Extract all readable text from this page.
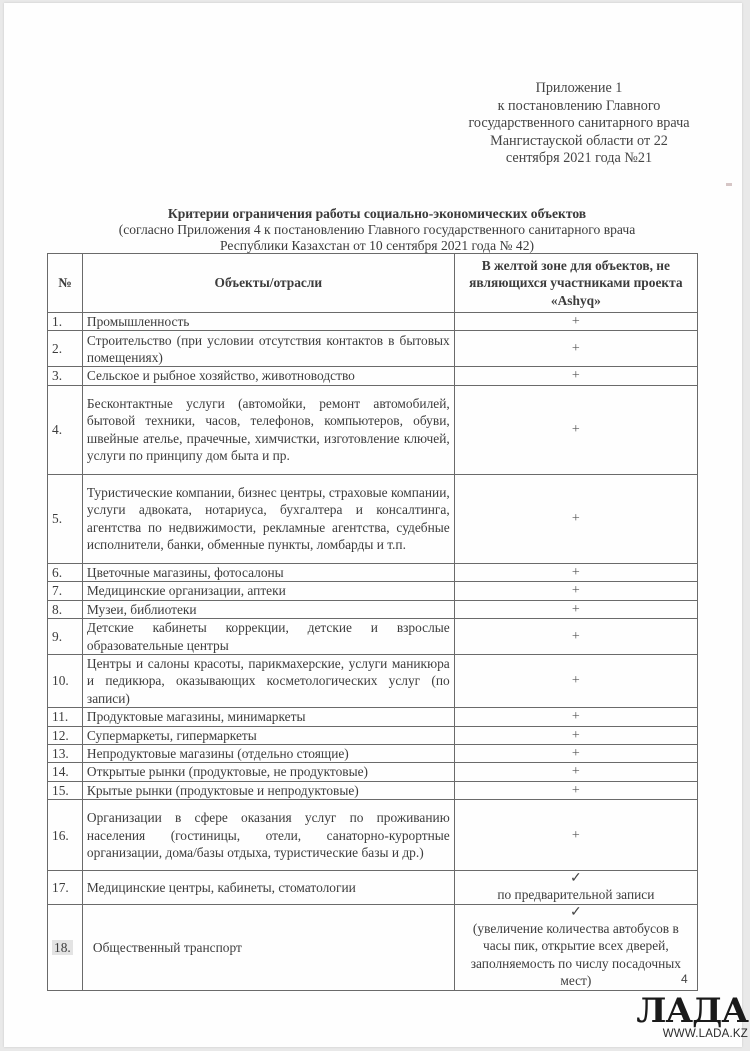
Приложение 1
к постановлению Главного
государственного санитарного врача
Мангистауской области от 22
сентября 2021 года №21
Критерии ограничения работы социально-экономических объектов
(согласно Приложения 4 к постановлению Главного государственного санитарного врача
Республики Казахстан от 10 сентября 2021 года № 42)
№	Объекты/отрасли	В желтой зоне для объектов, не являющихся участниками проекта «Ashyq»
1.	Промышленность	+
2.	Строительство (при условии отсутствия контактов в бытовых помещениях)	+
3.	Сельское и рыбное хозяйство, животноводство	+
4.	Бесконтактные услуги (автомойки, ремонт автомобилей, бытовой техники, часов, телефонов, компьютеров, обуви, швейные ателье, прачечные, химчистки, изготовление ключей, услуги по принципу дом быта и пр.	+
5.	Туристические компании, бизнес центры, страховые компании, услуги адвоката, нотариуса, бухгалтера и консалтинга, агентства по недвижимости, рекламные агентства, судебные исполнители, банки, обменные пункты, ломбарды и т.п.	+
6.	Цветочные магазины, фотосалоны	+
7.	Медицинские организации, аптеки	+
8.	Музеи, библиотеки	+
9.	Детские кабинеты коррекции, детские и взрослые образовательные центры	+
10.	Центры и салоны красоты, парикмахерские, услуги маникюра и педикюра, оказывающих косметологических услуг (по записи)	+
11.	Продуктовые магазины, минимаркеты	+
12.	Супермаркеты, гипермаркеты	+
13.	Непродуктовые магазины (отдельно стоящие)	+
14.	Открытые рынки (продуктовые, не продуктовые)	+
15.	Крытые рынки (продуктовые и непродуктовые)	+
16.	Организации в сфере оказания услуг по проживанию населения (гостиницы, отели, санаторно-курортные организации, дома/базы отдыха, туристические базы и др.)	+
17.	Медицинские центры, кабинеты, стоматологии	✓
по предварительной записи

18.	Общественный транспорт	✓
(увеличение количества автобусов в часы пик, открытие всех дверей, заполняемость по числу посадочных мест)	4
ЛАДА
WWW.LADA.KZ
